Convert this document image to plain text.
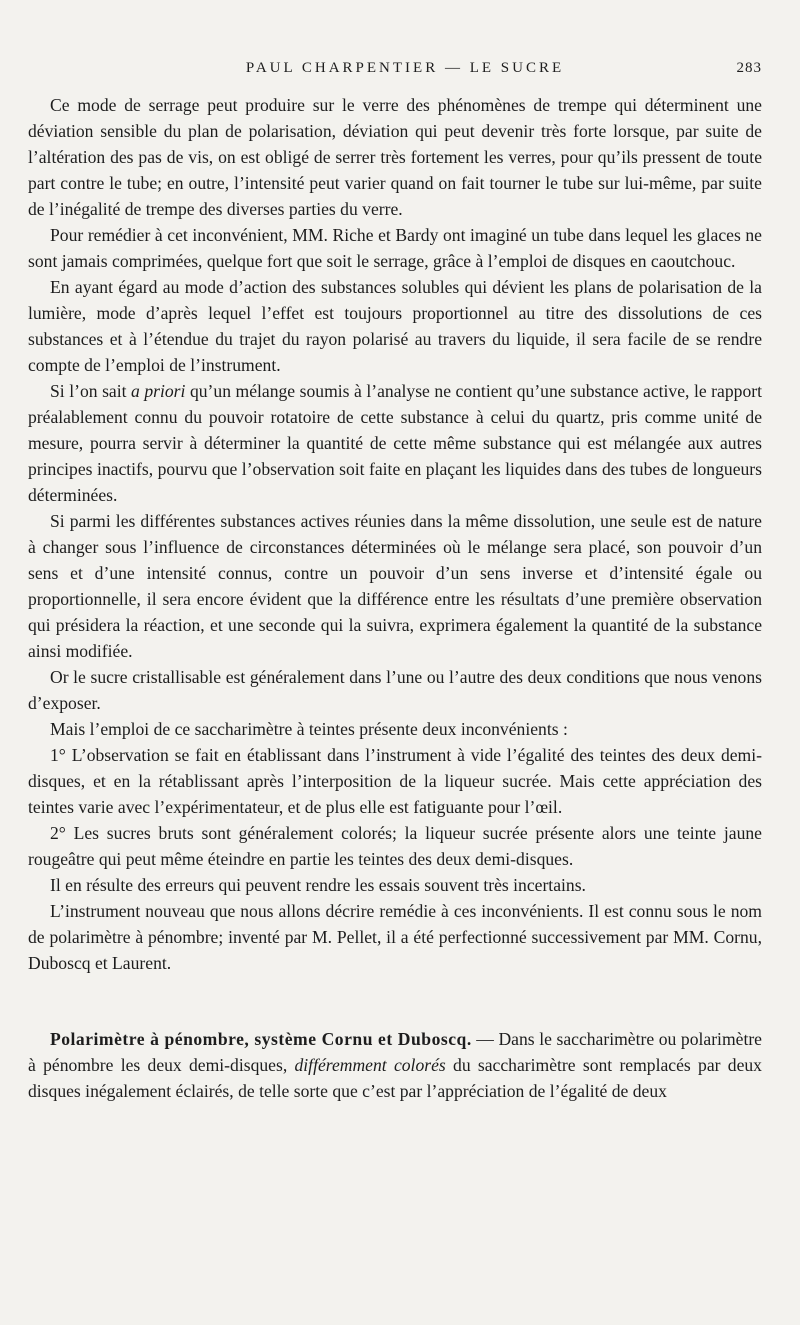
PAUL CHARPENTIER — LE SUCRE	283

Ce mode de serrage peut produire sur le verre des phénomènes de trempe qui déterminent une déviation sensible du plan de polarisation, déviation qui peut devenir très forte lorsque, par suite de l’altération des pas de vis, on est obligé de serrer très fortement les verres, pour qu’ils pressent de toute part contre le tube; en outre, l’intensité peut varier quand on fait tourner le tube sur lui-même, par suite de l’inégalité de trempe des diverses parties du verre.

Pour remédier à cet inconvénient, MM. Riche et Bardy ont imaginé un tube dans lequel les glaces ne sont jamais comprimées, quelque fort que soit le serrage, grâce à l’emploi de disques en caoutchouc.

En ayant égard au mode d’action des substances solubles qui dévient les plans de polarisation de la lumière, mode d’après lequel l’effet est toujours proportionnel au titre des dissolutions de ces substances et à l’étendue du trajet du rayon polarisé au travers du liquide, il sera facile de se rendre compte de l’emploi de l’instrument.

Si l’on sait a priori qu’un mélange soumis à l’analyse ne contient qu’une substance active, le rapport préalablement connu du pouvoir rotatoire de cette substance à celui du quartz, pris comme unité de mesure, pourra servir à déterminer la quantité de cette même substance qui est mélangée aux autres principes inactifs, pourvu que l’observation soit faite en plaçant les liquides dans des tubes de longueurs déterminées.

Si parmi les différentes substances actives réunies dans la même dissolution, une seule est de nature à changer sous l’influence de circonstances déterminées où le mélange sera placé, son pouvoir d’un sens et d’une intensité connus, contre un pouvoir d’un sens inverse et d’intensité égale ou proportionnelle, il sera encore évident que la différence entre les résultats d’une première observation qui présidera la réaction, et une seconde qui la suivra, exprimera également la quantité de la substance ainsi modifiée.

Or le sucre cristallisable est généralement dans l’une ou l’autre des deux conditions que nous venons d’exposer.

Mais l’emploi de ce saccharimètre à teintes présente deux inconvénients :

1° L’observation se fait en établissant dans l’instrument à vide l’égalité des teintes des deux demi-disques, et en la rétablissant après l’interposition de la liqueur sucrée. Mais cette appréciation des teintes varie avec l’expérimentateur, et de plus elle est fatiguante pour l’œil.

2° Les sucres bruts sont généralement colorés; la liqueur sucrée présente alors une teinte jaune rougeâtre qui peut même éteindre en partie les teintes des deux demi-disques.

Il en résulte des erreurs qui peuvent rendre les essais souvent très incertains.

L’instrument nouveau que nous allons décrire remédie à ces inconvénients. Il est connu sous le nom de polarimètre à pénombre; inventé par M. Pellet, il a été perfectionné successivement par MM. Cornu, Duboscq et Laurent.

Polarimètre à pénombre, système Cornu et Duboscq. — Dans le saccharimètre ou polarimètre à pénombre les deux demi-disques, différemment colorés du saccharimètre sont remplacés par deux disques inégalement éclairés, de telle sorte que c’est par l’appréciation de l’égalité de deux
